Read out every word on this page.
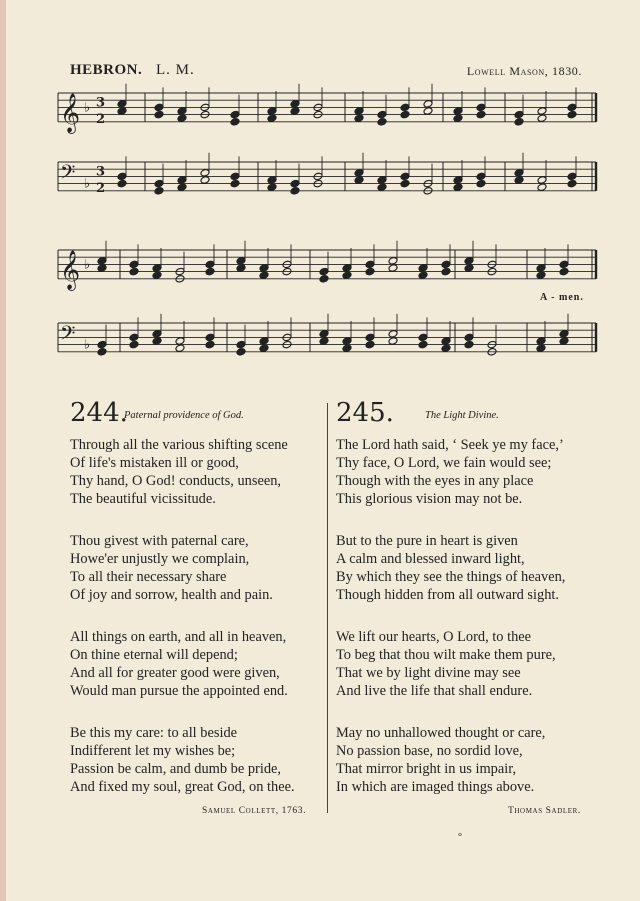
HEBRON. L. M.	Lowell Mason, 1830.
𝄞 ♭ 3
2
𝄢 ♭
3
2
𝄞 ♭
𝄢 ♭
A - men.
244.
Paternal providence of God.
Through all the various shifting scene
Of life's mistaken ill or good,
Thy hand, O God! conducts, unseen,
The beautiful vicissitude.
Thou givest with paternal care,
Howe'er unjustly we complain,
To all their necessary share
Of joy and sorrow, health and pain.
All things on earth, and all in heaven,
On thine eternal will depend;
And all for greater good were given,
Would man pursue the appointed end.
Be this my care: to all beside
Indifferent let my wishes be;
Passion be calm, and dumb be pride,
And fixed my soul, great God, on thee.
Samuel Collett, 1763.
245.	The Light Divine.
The Lord hath said, ‘ Seek ye my face,’
Thy face, O Lord, we fain would see;
Though with the eyes in any place
This glorious vision may not be.
But to the pure in heart is given
A calm and blessed inward light,
By which they see the things of heaven,
Though hidden from all outward sight.
We lift our hearts, O Lord, to thee
To beg that thou wilt make them pure,
That we by light divine may see
And live the life that shall endure.
May no unhallowed thought or care,
No passion base, no sordid love,
That mirror bright in us impair,
In which are imaged things above.
Thomas Sadler.
°
